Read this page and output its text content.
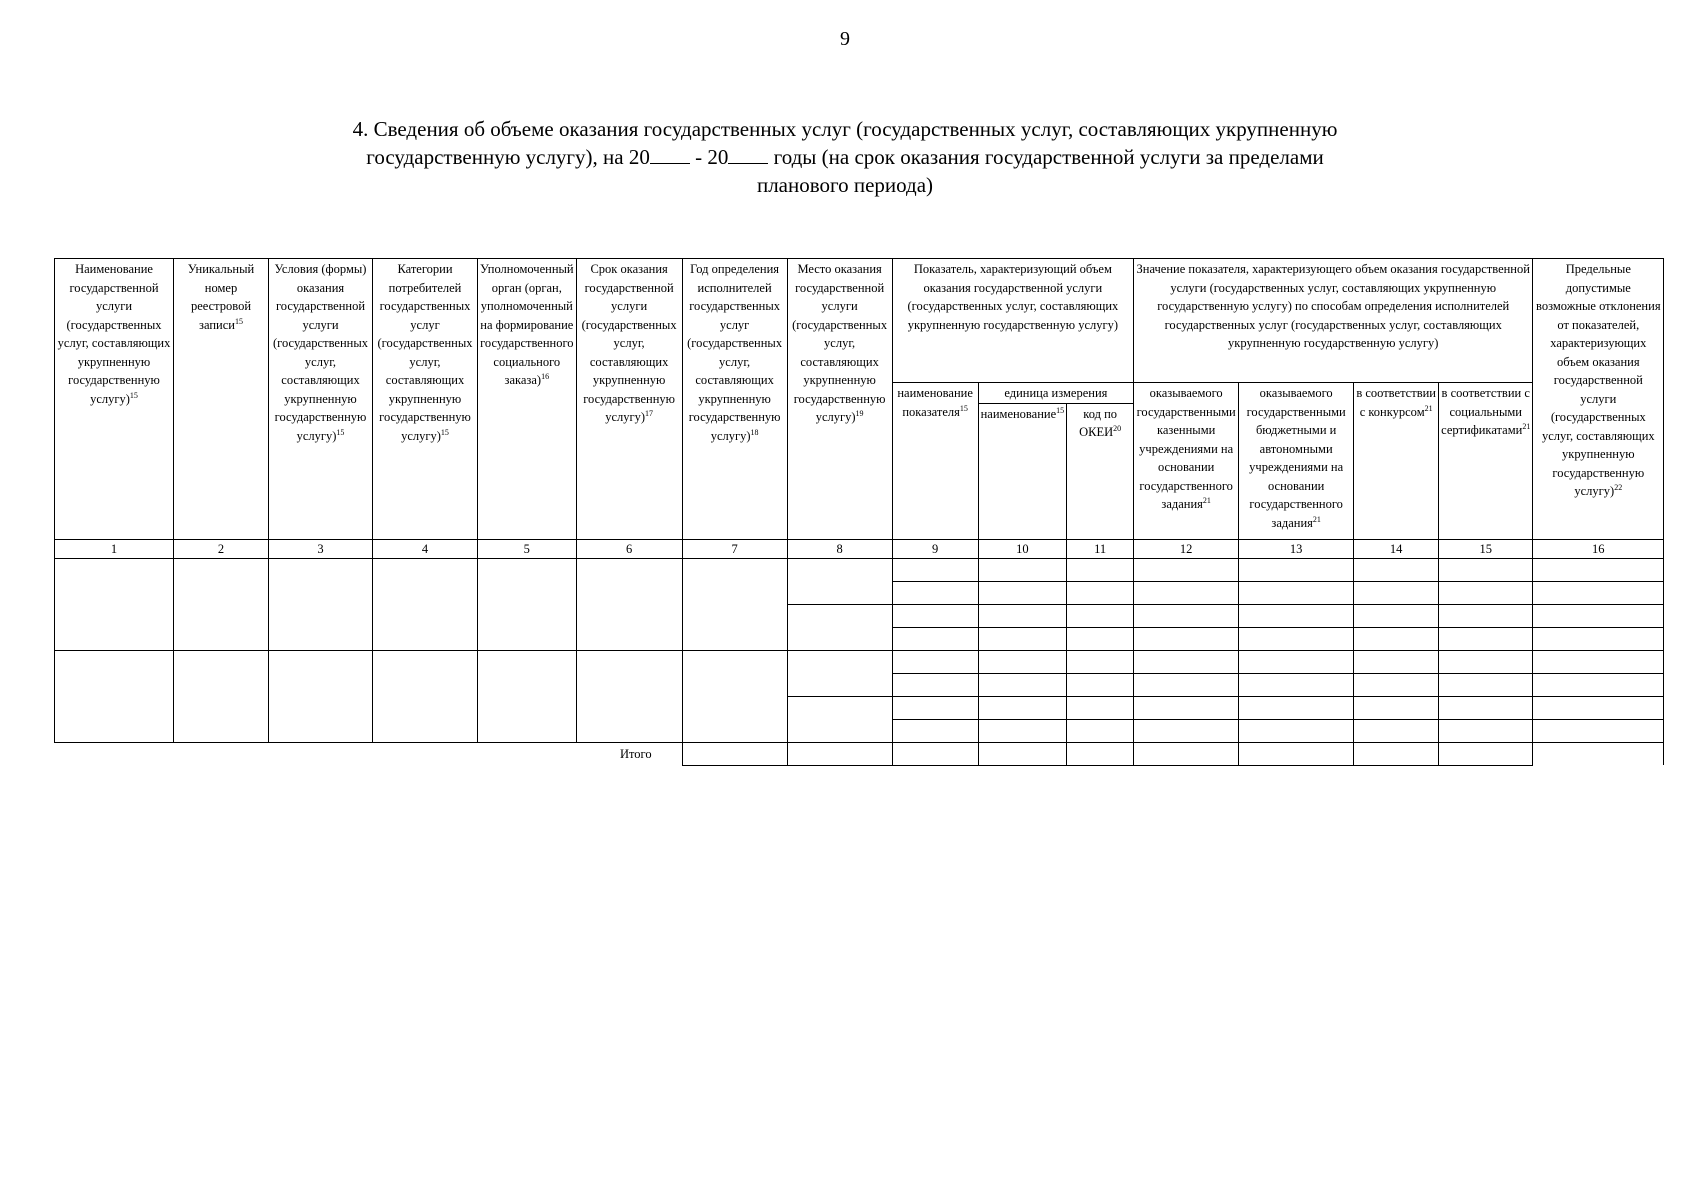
9
4. Сведения об объеме оказания государственных услуг (государственных услуг, составляющих укрупненную
государственную услугу), на 20 - 20 годы (на срок оказания государственной услуги за пределами
планового периода)
Наименование государственной услуги (государственных услуг, составляющих укрупненную государственную услугу)$^{15}$	Уникальный номер реестровой записи$^{15}$	Условия (формы) оказания государственной услуги (государственных услуг, составляющих укрупненную государственную услугу)$^{15}$	Категории потребителей государственных услуг (государственных услуг, составляющих укрупненную государственную услугу)$^{15}$	Уполномоченный орган (орган, уполномоченный на формирование государственного социального заказа)$^{16}$	Срок оказания государственной услуги (государственных услуг, составляющих укрупненную государственную услугу)$^{17}$	Год определения исполнителей государственных услуг (государственных услуг, составляющих укрупненную государственную услугу)$^{18}$	Место оказания государственной услуги (государственных услуг, составляющих укрупненную государственную услугу)$^{19}$	Показатель, характеризующий объем оказания государственной услуги (государственных услуг, составляющих укрупненную государственную услугу)			Значение показателя, характеризующего объем оказания государственной услуги (государственных услуг, составляющих укрупненную государственную услугу) по способам определения исполнителей государственных услуг (государственных услуг, составляющих укрупненную государственную услугу)				Предельные допустимые возможные отклонения от показателей, характеризующих объем оказания государственной услуги (государственных услуг, составляющих укрупненную государственную услугу)$^{22}$
								наименование показателя$^{15}$	единица измерения		оказываемого государственными казенными учреждениями на основании государственного задания$^{21}$	оказываемого государственными бюджетными и автономными учреждениями на основании государственного задания$^{21}$	в соответствии с конкурсом$^{21}$	в соответствии с социальными сертификатами$^{21}$
									наименование$^{15}$	код по ОКЕИ$^{20}$
1	2	3	4	5	6	7	8	9	10	11	12	13	14	15	16

Итого															
